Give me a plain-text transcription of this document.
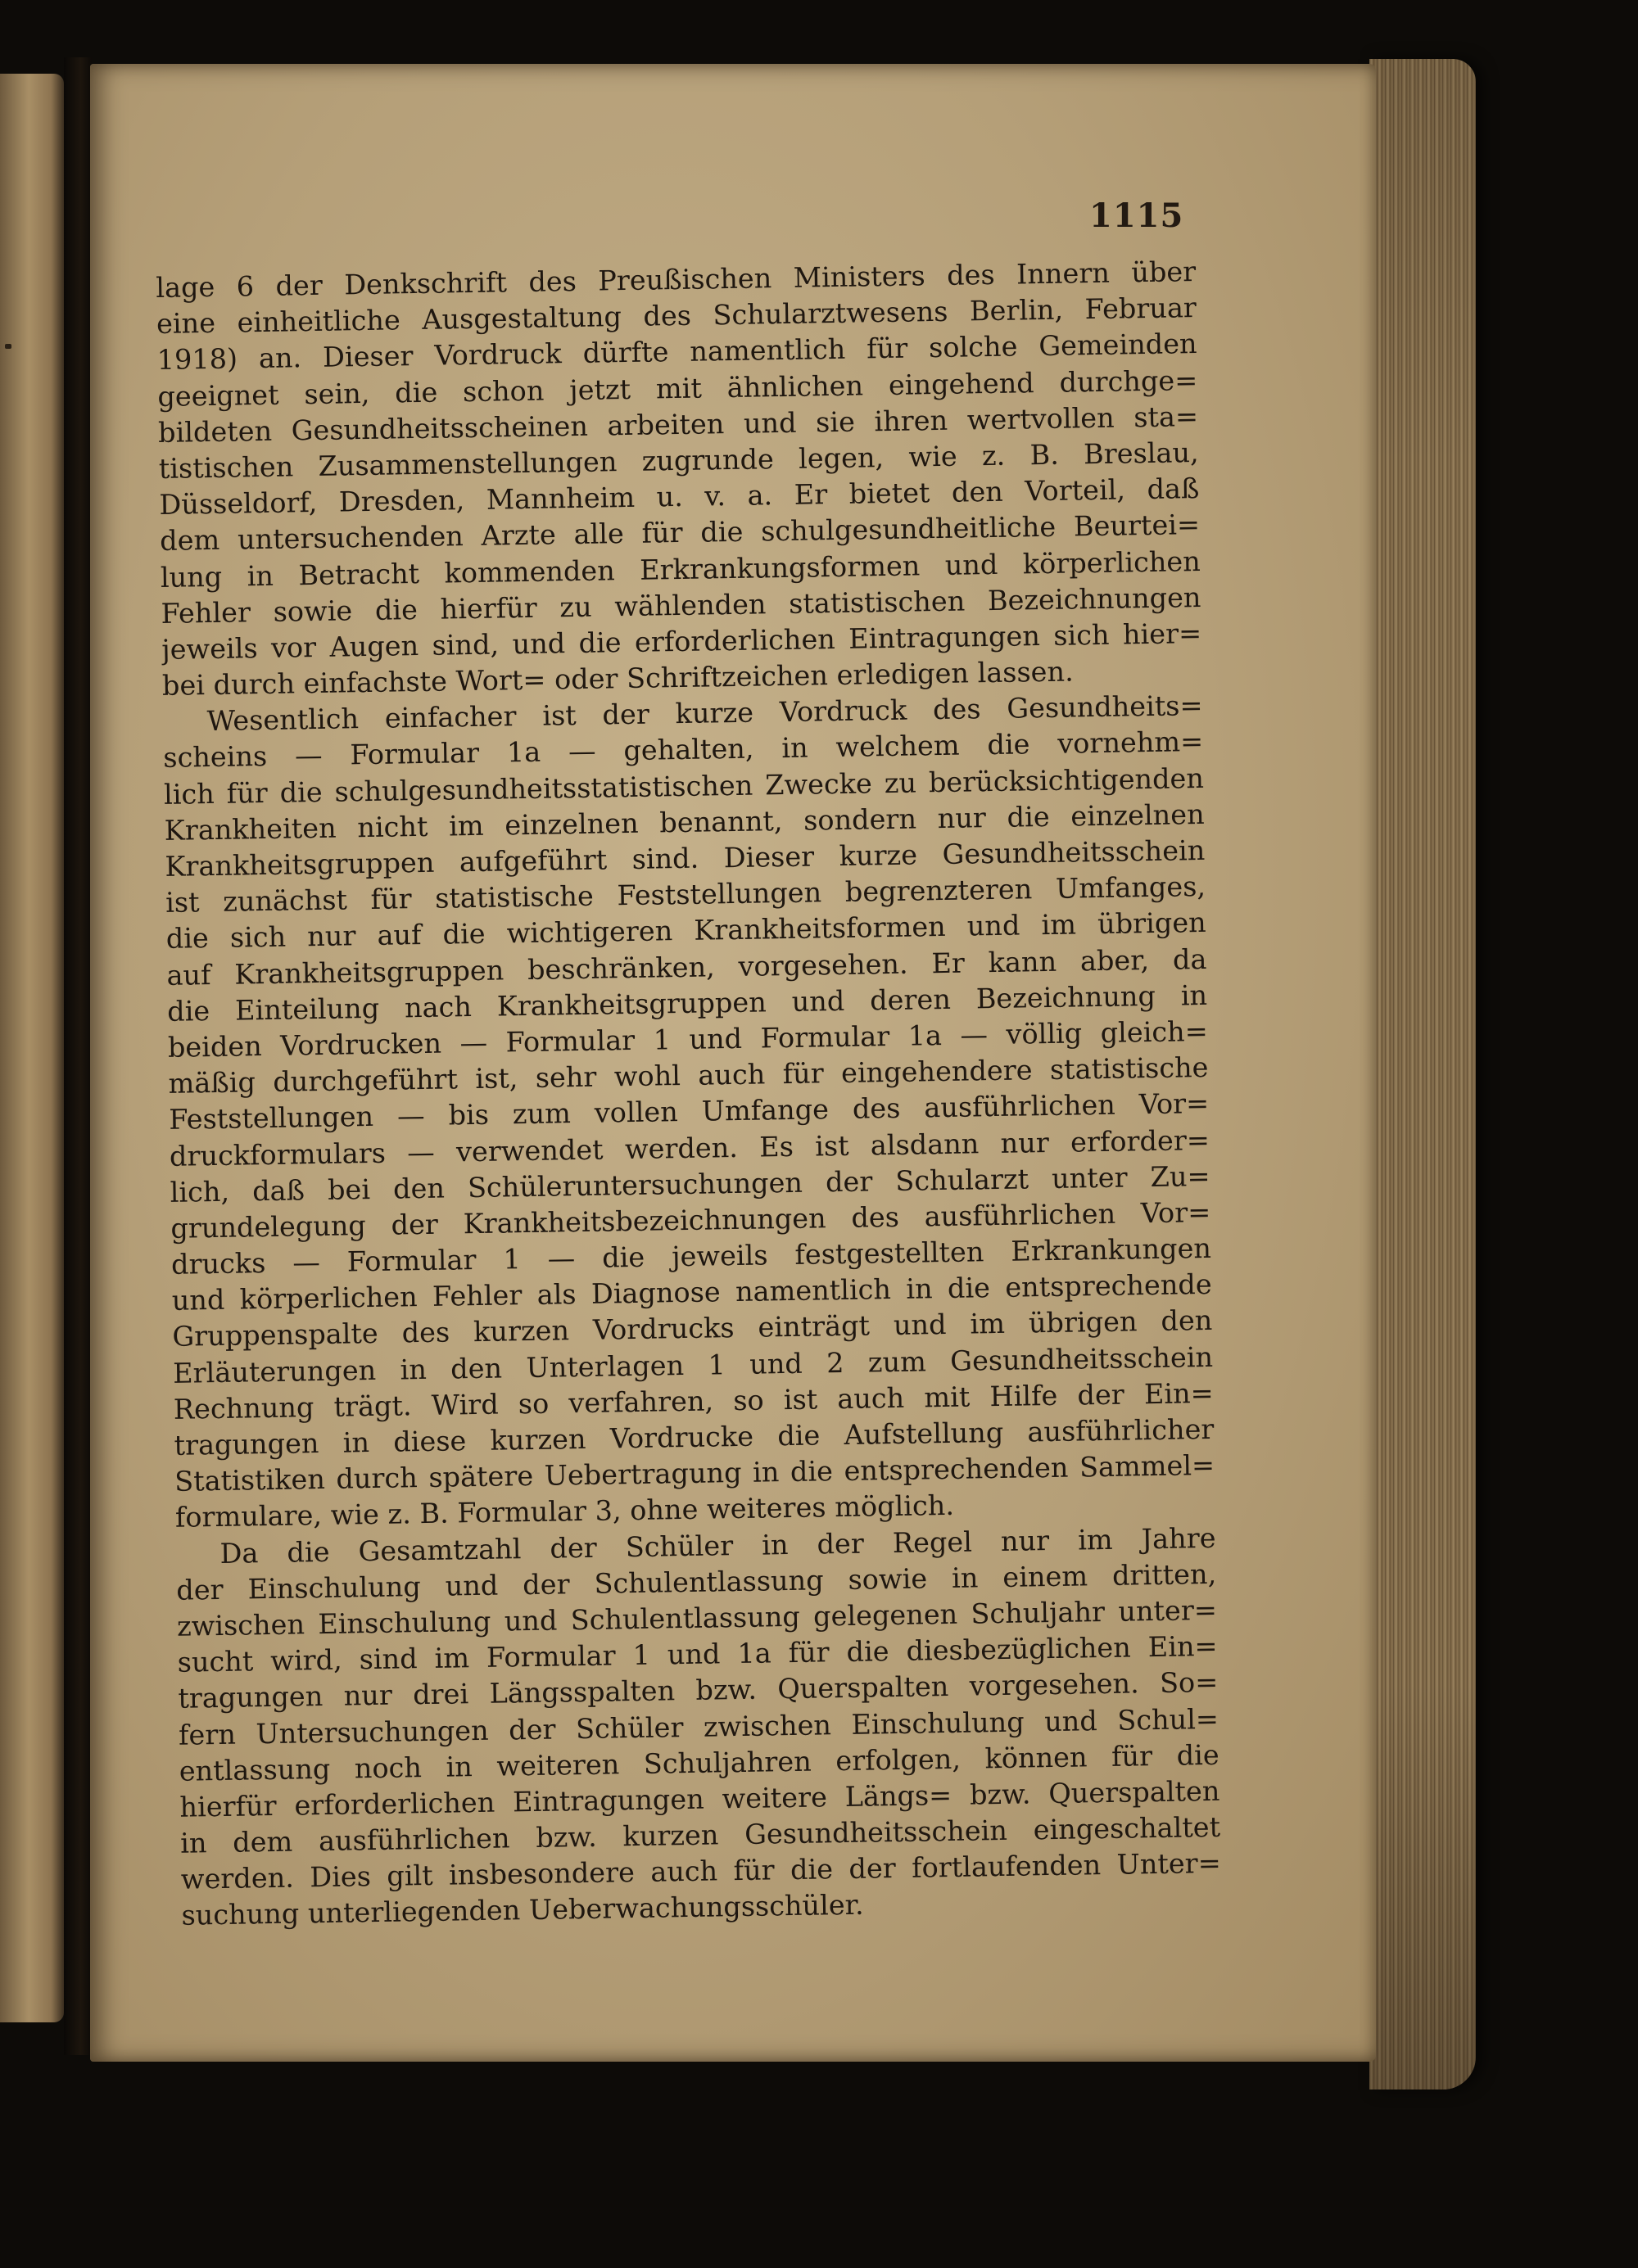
1115
lage 6 der Denkschrift des Preußischen Ministers des Innern über
eine einheitliche Ausgestaltung des Schularztwesens Berlin, Februar
1918) an. Dieser Vordruck dürfte namentlich für solche Gemeinden
geeignet sein, die schon jetzt mit ähnlichen eingehend durchge=
bildeten Gesundheitsscheinen arbeiten und sie ihren wertvollen sta=
tistischen Zusammenstellungen zugrunde legen, wie z. B. Breslau,
Düsseldorf, Dresden, Mannheim u. v. a. Er bietet den Vorteil, daß
dem untersuchenden Arzte alle für die schulgesundheitliche Beurtei=
lung in Betracht kommenden Erkrankungsformen und körperlichen
Fehler sowie die hierfür zu wählenden statistischen Bezeichnungen
jeweils vor Augen sind, und die erforderlichen Eintragungen sich hier=
bei durch einfachste Wort= oder Schriftzeichen erledigen lassen.
Wesentlich einfacher ist der kurze Vordruck des Gesundheits=
scheins — Formular 1a — gehalten, in welchem die vornehm=
lich für die schulgesundheitsstatistischen Zwecke zu berücksichtigenden
Krankheiten nicht im einzelnen benannt, sondern nur die einzelnen
Krankheitsgruppen aufgeführt sind. Dieser kurze Gesundheitsschein
ist zunächst für statistische Feststellungen begrenzteren Umfanges,
die sich nur auf die wichtigeren Krankheitsformen und im übrigen
auf Krankheitsgruppen beschränken, vorgesehen. Er kann aber, da
die Einteilung nach Krankheitsgruppen und deren Bezeichnung in
beiden Vordrucken — Formular 1 und Formular 1a — völlig gleich=
mäßig durchgeführt ist, sehr wohl auch für eingehendere statistische
Feststellungen — bis zum vollen Umfange des ausführlichen Vor=
druckformulars — verwendet werden. Es ist alsdann nur erforder=
lich, daß bei den Schüleruntersuchungen der Schularzt unter Zu=
grundelegung der Krankheitsbezeichnungen des ausführlichen Vor=
drucks — Formular 1 — die jeweils festgestellten Erkrankungen
und körperlichen Fehler als Diagnose namentlich in die entsprechende
Gruppenspalte des kurzen Vordrucks einträgt und im übrigen den
Erläuterungen in den Unterlagen 1 und 2 zum Gesundheitsschein
Rechnung trägt. Wird so verfahren, so ist auch mit Hilfe der Ein=
tragungen in diese kurzen Vordrucke die Aufstellung ausführlicher
Statistiken durch spätere Uebertragung in die entsprechenden Sammel=
formulare, wie z. B. Formular 3, ohne weiteres möglich.
Da die Gesamtzahl der Schüler in der Regel nur im Jahre
der Einschulung und der Schulentlassung sowie in einem dritten,
zwischen Einschulung und Schulentlassung gelegenen Schuljahr unter=
sucht wird, sind im Formular 1 und 1a für die diesbezüglichen Ein=
tragungen nur drei Längsspalten bzw. Querspalten vorgesehen. So=
fern Untersuchungen der Schüler zwischen Einschulung und Schul=
entlassung noch in weiteren Schuljahren erfolgen, können für die
hierfür erforderlichen Eintragungen weitere Längs= bzw. Querspalten
in dem ausführlichen bzw. kurzen Gesundheitsschein eingeschaltet
werden. Dies gilt insbesondere auch für die der fortlaufenden Unter=
suchung unterliegenden Ueberwachungsschüler.
